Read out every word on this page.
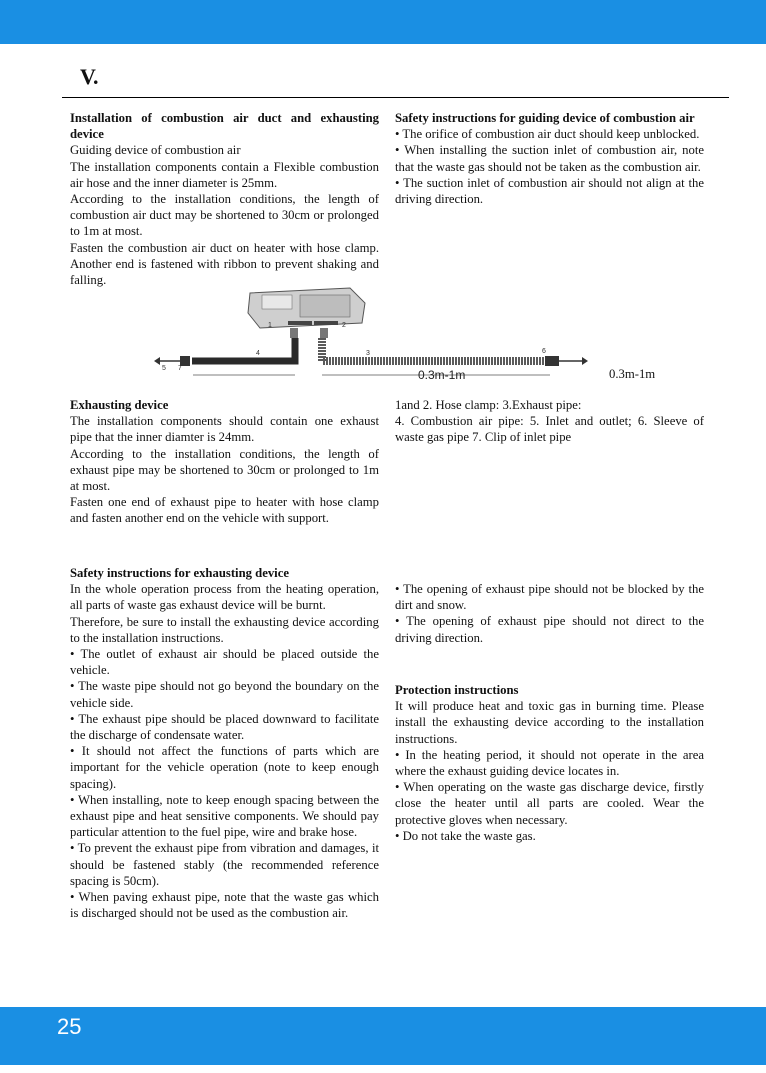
V.

Installation of combustion air duct and exhausting device

Guiding device of combustion air

The installation components contain a Flexible combustion air hose and the inner diameter is 25mm.

According to the installation conditions, the length of combustion air duct may be shortened to 30cm or prolonged to 1m at most.

Fasten the combustion air duct on heater with hose clamp. Another end is fastened with ribbon to prevent shaking and falling.

Safety instructions for guiding device of combustion air

• The orifice of combustion air duct should keep unblocked.

• When installing the suction inlet of combustion air, note that the waste gas should not be taken as the combustion air.

• The suction inlet of combustion air should not align at the driving direction.

1	2
3
4
5
6
7	0.3m-1m	0.3m-1m

Exhausting device

The installation components should contain one exhaust pipe that the inner diamter is 24mm.

According to the installation conditions, the length of exhaust pipe may be shortened to 30cm or prolonged to 1m at most.

Fasten one end of exhaust pipe to heater with hose clamp and fasten another end on the vehicle with support.

1and 2. Hose clamp: 3.Exhaust pipe:

4. Combustion air pipe: 5. Inlet and outlet; 6. Sleeve of waste gas pipe 7. Clip of inlet pipe

Safety instructions for exhausting device

In the whole operation process from the heating operation, all parts of waste gas exhaust device will be burnt.

Therefore, be sure to install the exhausting device according to the installation instructions.

• The outlet of exhaust air should be placed outside the vehicle.

• The waste pipe should not go beyond the boundary on the vehicle side.

• The exhaust pipe should be placed downward to facilitate the discharge of condensate water.

• It should not affect the functions of parts which are important for the vehicle operation (note to keep enough spacing).

• When installing, note to keep enough spacing between the exhaust pipe and heat sensitive components. We should pay particular attention to the fuel pipe, wire and brake hose.

• To prevent the exhaust pipe from vibration and damages, it should be fastened stably (the recommended reference spacing is 50cm).

• When paving exhaust pipe, note that the waste gas which is discharged should not be used as the combustion air.

• The opening of exhaust pipe should not be blocked by the dirt and snow.

• The opening of exhaust pipe should not direct to the driving direction.

Protection instructions

It will produce heat and toxic gas in burning time. Please install the exhausting device according to the installation instructions.

• In the heating period, it should not operate in the area where the exhaust guiding device locates in.

• When operating on the waste gas discharge device, firstly close the heater until all parts are cooled. Wear the protective gloves when necessary.

• Do not take the waste gas.

25
